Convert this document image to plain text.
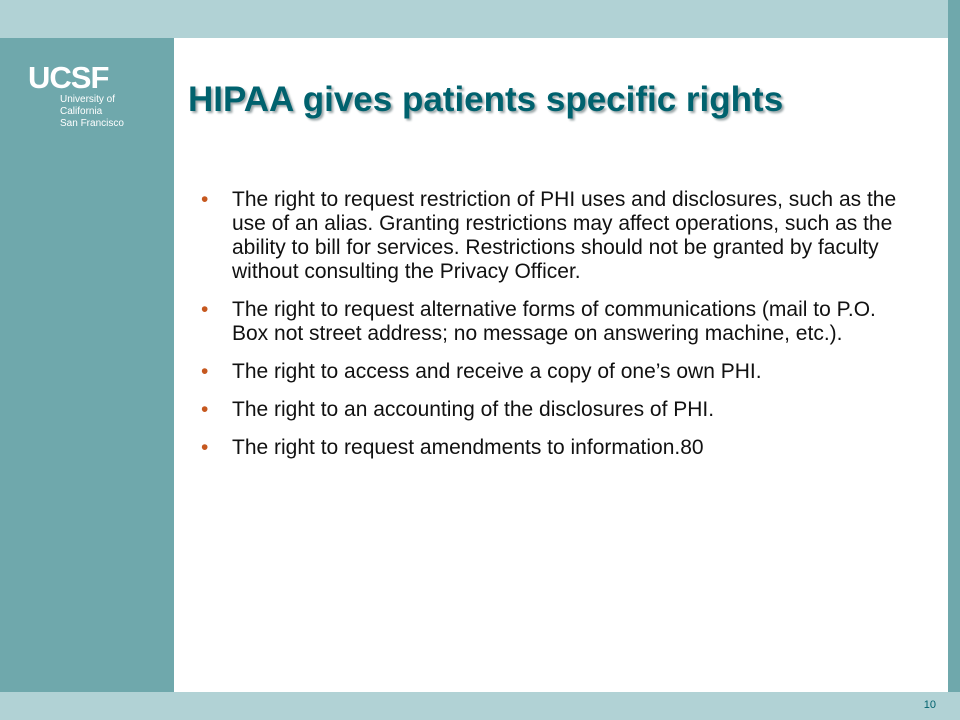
UCSF
University of California
San Francisco
HIPAA gives patients specific rights
• The right to request restriction of PHI uses and disclosures, such as the use of an alias. Granting restrictions may affect operations, such as the ability to bill for services. Restrictions should not be granted by faculty without consulting the Privacy Officer.
• The right to request alternative forms of communications (mail to P.O. Box not street address; no message on answering machine, etc.).
• The right to access and receive a copy of one’s own PHI.
• The right to an accounting of the disclosures of PHI.
• The right to request amendments to information.80
10
